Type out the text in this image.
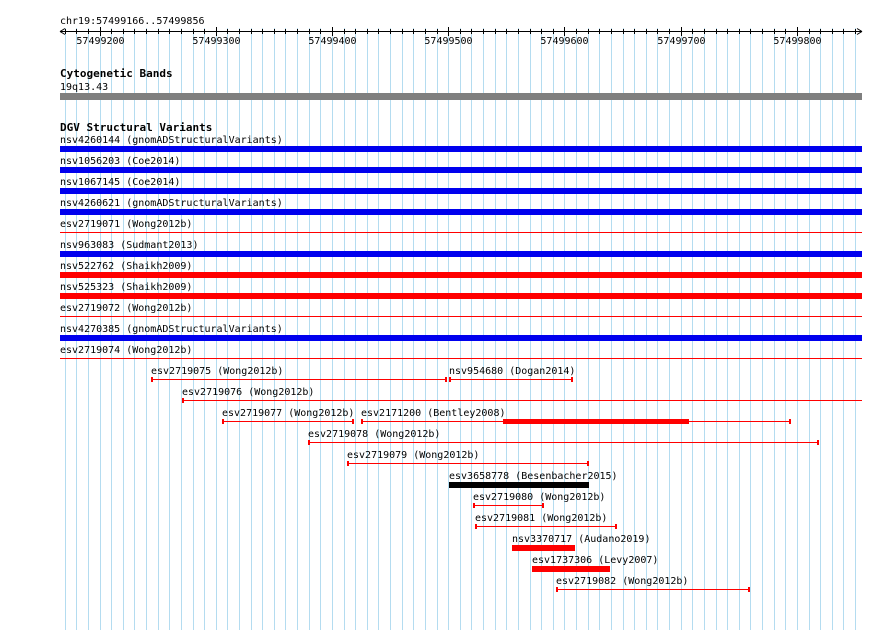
chr19:57499166..57499856
57499200	57499300	57499400	57499500	57499600	57499700	57499800
Cytogenetic Bands
19q13.43
DGV Structural Variants
nsv4260144 (gnomADStructuralVariants)
nsv1056203 (Coe2014)
nsv1067145 (Coe2014)
nsv4260621 (gnomADStructuralVariants)
esv2719071 (Wong2012b)
nsv963083 (Sudmant2013)
nsv522762 (Shaikh2009)
nsv525323 (Shaikh2009)
esv2719072 (Wong2012b)
nsv4270385 (gnomADStructuralVariants)
esv2719074 (Wong2012b)
esv2719075 (Wong2012b)	nsv954680 (Dogan2014)
esv2719076 (Wong2012b)
esv2719077 (Wong2012b) esv2171200 (Bentley2008)
esv2719078 (Wong2012b)
esv2719079 (Wong2012b)
esv3658778 (Besenbacher2015)
esv2719080 (Wong2012b)
esv2719081 (Wong2012b)
nsv3370717 (Audano2019)
esv1737306 (Levy2007)
esv2719082 (Wong2012b)
